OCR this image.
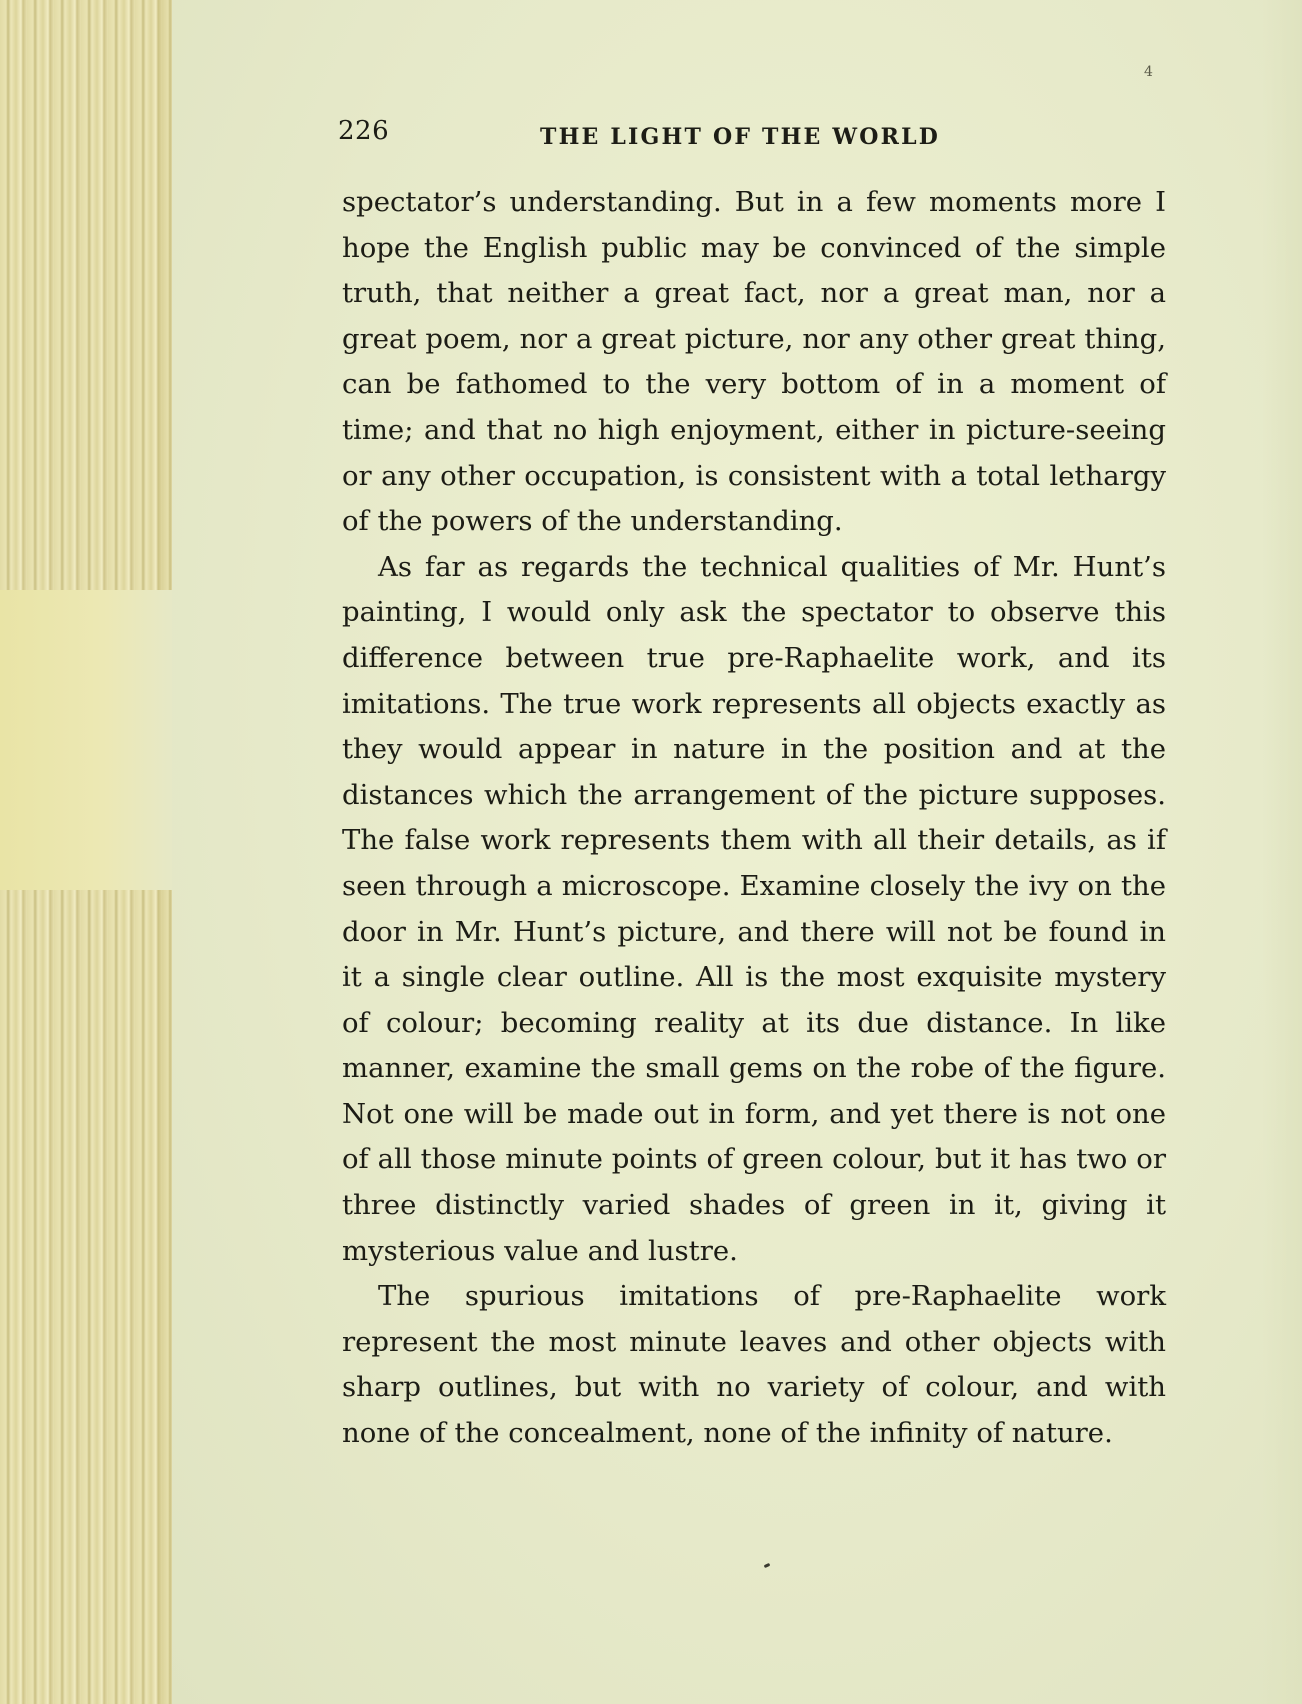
4
226	THE LIGHT OF THE WORLD

spectator’s understanding. But in a few moments more I hope the English public may be convinced of the simple truth, that neither a great fact, nor a great man, nor a great poem, nor a great picture, nor any other great thing, can be fathomed to the very bottom of in a moment of time; and that no high enjoyment, either in picture-seeing or any other occupation, is consistent with a total lethargy of the powers of the understanding.

As far as regards the technical qualities of Mr. Hunt’s painting, I would only ask the spectator to observe this difference between true pre-Raphaelite work, and its imitations. The true work represents all objects exactly as they would appear in nature in the position and at the distances which the arrangement of the picture supposes. The false work represents them with all their details, as if seen through a microscope. Examine closely the ivy on the door in Mr. Hunt’s picture, and there will not be found in it a single clear outline. All is the most exquisite mystery of colour; becoming reality at its due distance. In like manner, examine the small gems on the robe of the figure. Not one will be made out in form, and yet there is not one of all those minute points of green colour, but it has two or three distinctly varied shades of green in it, giving it mysterious value and lustre.

The spurious imitations of pre-Raphaelite work represent the most minute leaves and other objects with sharp outlines, but with no variety of colour, and with none of the concealment, none of the infinity of nature.
